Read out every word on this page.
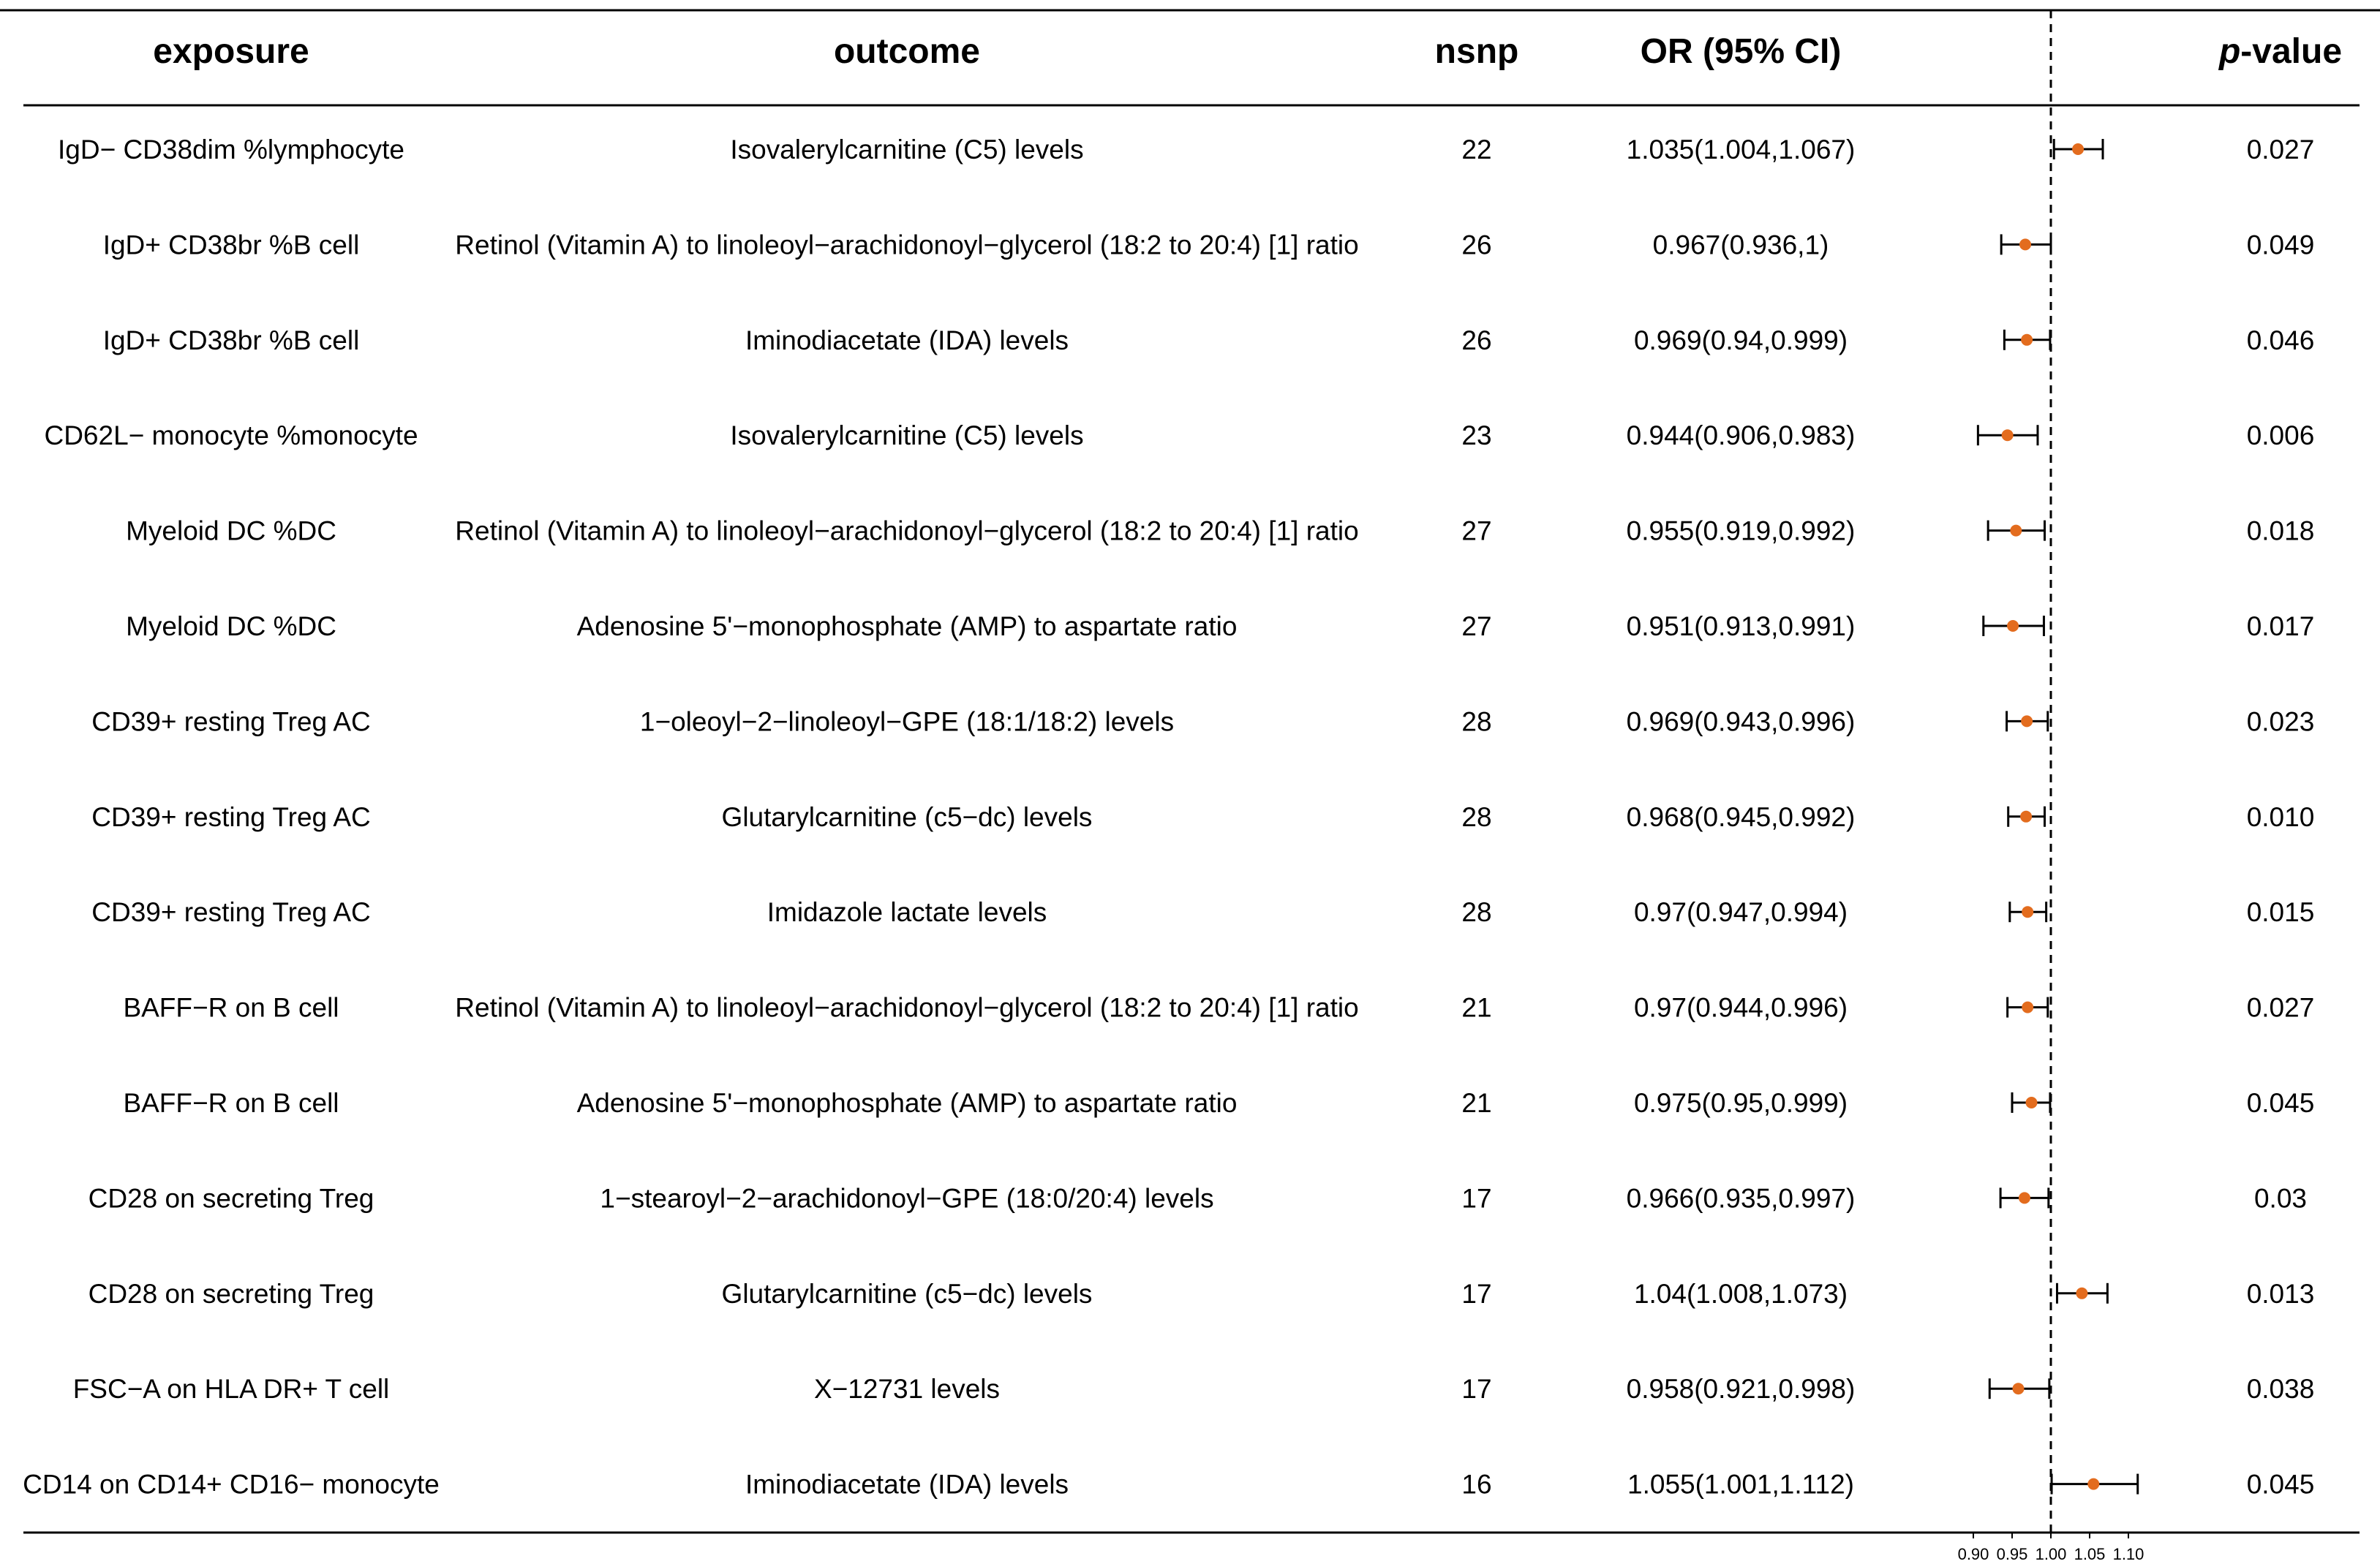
exposure	outcome	nsnp	OR (95% CI)	p-value
IgD− CD38dim %lymphocyte	Isovalerylcarnitine (C5) levels	22	1.035(1.004,1.067)	0.027
IgD+ CD38br %B cell	Retinol (Vitamin A) to linoleoyl−arachidonoyl−glycerol (18:2 to 20:4) [1] ratio	26	0.967(0.936,1)	0.049
IgD+ CD38br %B cell	Iminodiacetate (IDA) levels	26	0.969(0.94,0.999)	0.046
CD62L− monocyte %monocyte	Isovalerylcarnitine (C5) levels	23	0.944(0.906,0.983)	0.006
Myeloid DC %DC	Retinol (Vitamin A) to linoleoyl−arachidonoyl−glycerol (18:2 to 20:4) [1] ratio	27	0.955(0.919,0.992)	0.018
Myeloid DC %DC	Adenosine 5'−monophosphate (AMP) to aspartate ratio	27	0.951(0.913,0.991)	0.017
CD39+ resting Treg AC	1−oleoyl−2−linoleoyl−GPE (18:1/18:2) levels	28	0.969(0.943,0.996)	0.023
CD39+ resting Treg AC	Glutarylcarnitine (c5−dc) levels	28	0.968(0.945,0.992)	0.010
CD39+ resting Treg AC	Imidazole lactate levels	28	0.97(0.947,0.994)	0.015
BAFF−R on B cell	Retinol (Vitamin A) to linoleoyl−arachidonoyl−glycerol (18:2 to 20:4) [1] ratio	21	0.97(0.944,0.996)	0.027
BAFF−R on B cell	Adenosine 5'−monophosphate (AMP) to aspartate ratio	21	0.975(0.95,0.999)	0.045
CD28 on secreting Treg	1−stearoyl−2−arachidonoyl−GPE (18:0/20:4) levels	17	0.966(0.935,0.997)	0.03
CD28 on secreting Treg	Glutarylcarnitine (c5−dc) levels	17	1.04(1.008,1.073)	0.013
FSC−A on HLA DR+ T cell	X−12731 levels	17	0.958(0.921,0.998)	0.038
CD14 on CD14+ CD16− monocyte	Iminodiacetate (IDA) levels	16	1.055(1.001,1.112)	0.045
0.90 0.95 1.00 1.05 1.10
